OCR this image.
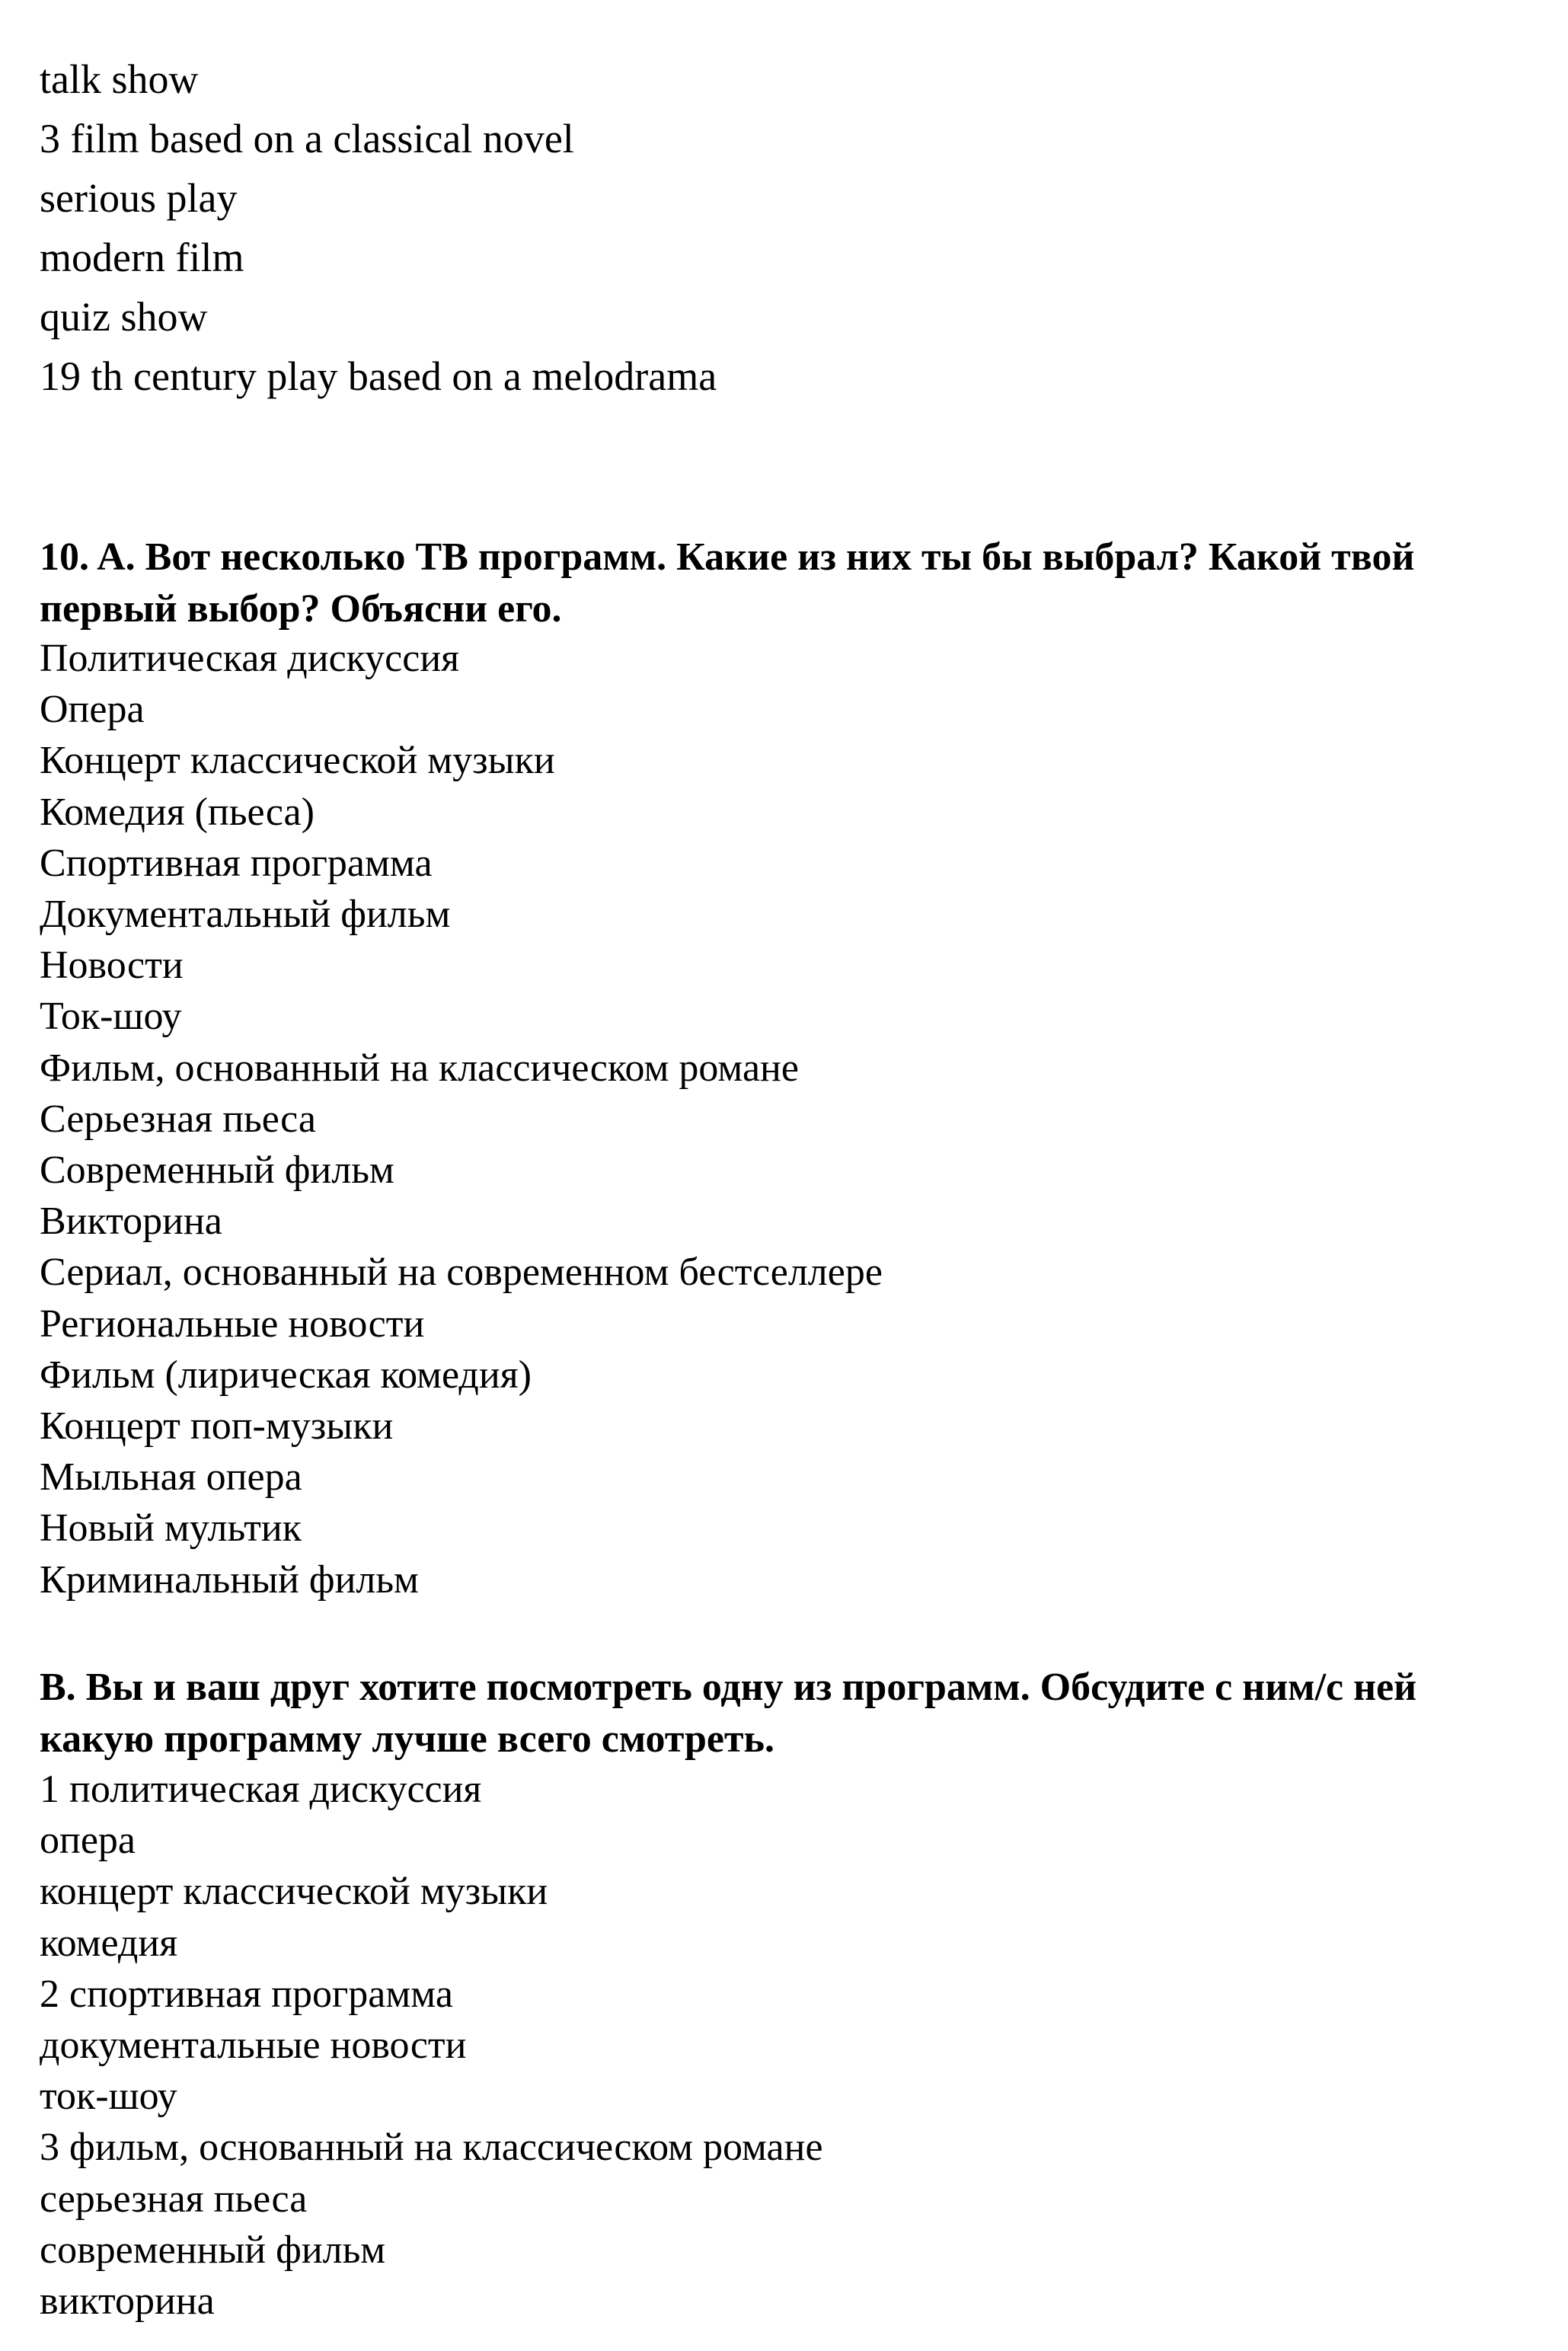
talk show
3 film based on a classical novel
serious play
modern film
quiz show
19 th century play based on a melodrama
10. A. Вот несколько ТВ программ. Какие из них ты бы выбрал? Какой твой первый выбор? Объясни его.
Политическая дискуссия
Опера
Концерт классической музыки
Комедия (пьеса)
Спортивная программа
Документальный фильм
Новости
Ток-шоу
Фильм, основанный на классическом романе
Серьезная пьеса
Современный фильм
Викторина
Сериал, основанный на современном бестселлере
Региональные новости
Фильм (лирическая комедия)
Концерт поп-музыки
Мыльная опера
Новый мультик
Криминальный фильм
B. Вы и ваш друг хотите посмотреть одну из программ. Обсудите с ним/с ней какую программу лучше всего смотреть.
1 политическая дискуссия
опера
концерт классической музыки
комедия
2 спортивная программа
документальные новости
ток-шоу
3 фильм, основанный на классическом романе
серьезная пьеса
современный фильм
викторина
